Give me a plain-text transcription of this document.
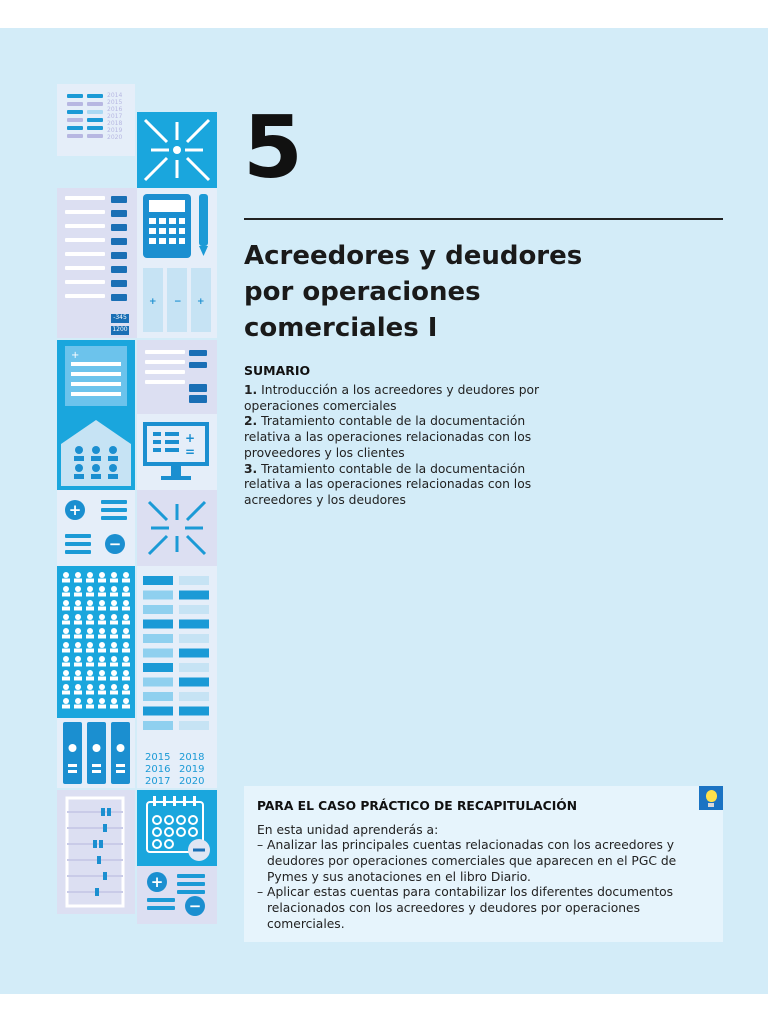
2014
2015
2016
2017
2018
2019
2020
-345
1200
+ − +
+
+
=
+
−
2015 2018
2016 2019
2017 2020
+
−
5
Acreedores y deudores
por operaciones
comerciales I
SUMARIO
1. Introducción a los acreedores y deudores por operaciones comerciales
2. Tratamiento contable de la documentación relativa a las operaciones relacionadas con los proveedores y los clientes
3. Tratamiento contable de la documentación relativa a las operaciones relacionadas con los acreedores y los deudores
PARA EL CASO PRÁCTICO DE RECAPITULACIÓN
En esta unidad aprenderás a:
– Analizar las principales cuentas relacionadas con los acreedores y deudores por operaciones comerciales que aparecen en el PGC de Pymes y sus anotaciones en el libro Diario.
– Aplicar estas cuentas para contabilizar los diferentes documentos relacionados con los acreedores y deudores por operaciones comerciales.
